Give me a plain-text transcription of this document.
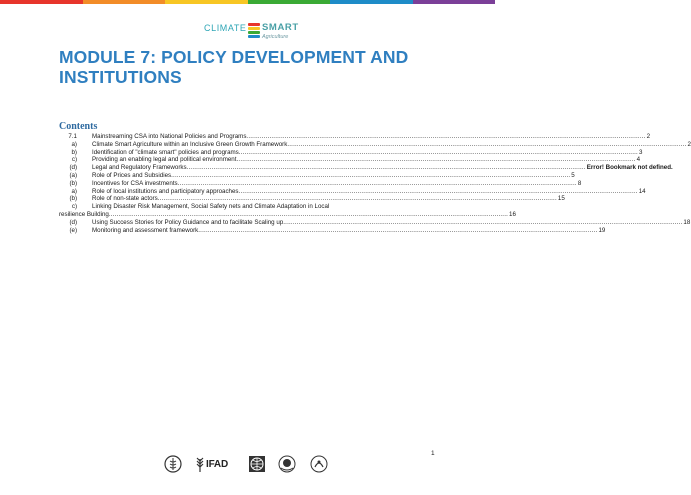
CLIMATE SMART
Agriculture
MODULE 7: POLICY DEVELOPMENT AND INSTITUTIONS
Contents
7.1	Mainstreaming CSA into National Policies and Programs .....	2
a)	Climate Smart Agriculture within an Inclusive Green Growth Framework .....	2
b)	Identification of "climate smart" policies and programs .....	3
c)	Providing an enabling legal and political environment .....	4
(d)	Legal and Regulatory Frameworks .....	Error! Bookmark not defined.
(a)	Role of Prices and Subsidies .....	5
(b)	Incentives for CSA investments .....	8
a)	Role of local institutions and participatory approaches .....	14
(b)	Role of non-state actors .....	15
c)	Linking Disaster Risk Management, Social Safety nets and Climate Adaptation in Local
resilience Building .....	16
(d)	Using Success Stories for Policy Guidance and to facilitate Scaling up .....	18
(e)	Monitoring and assessment framework .....	19
1
IFAD
